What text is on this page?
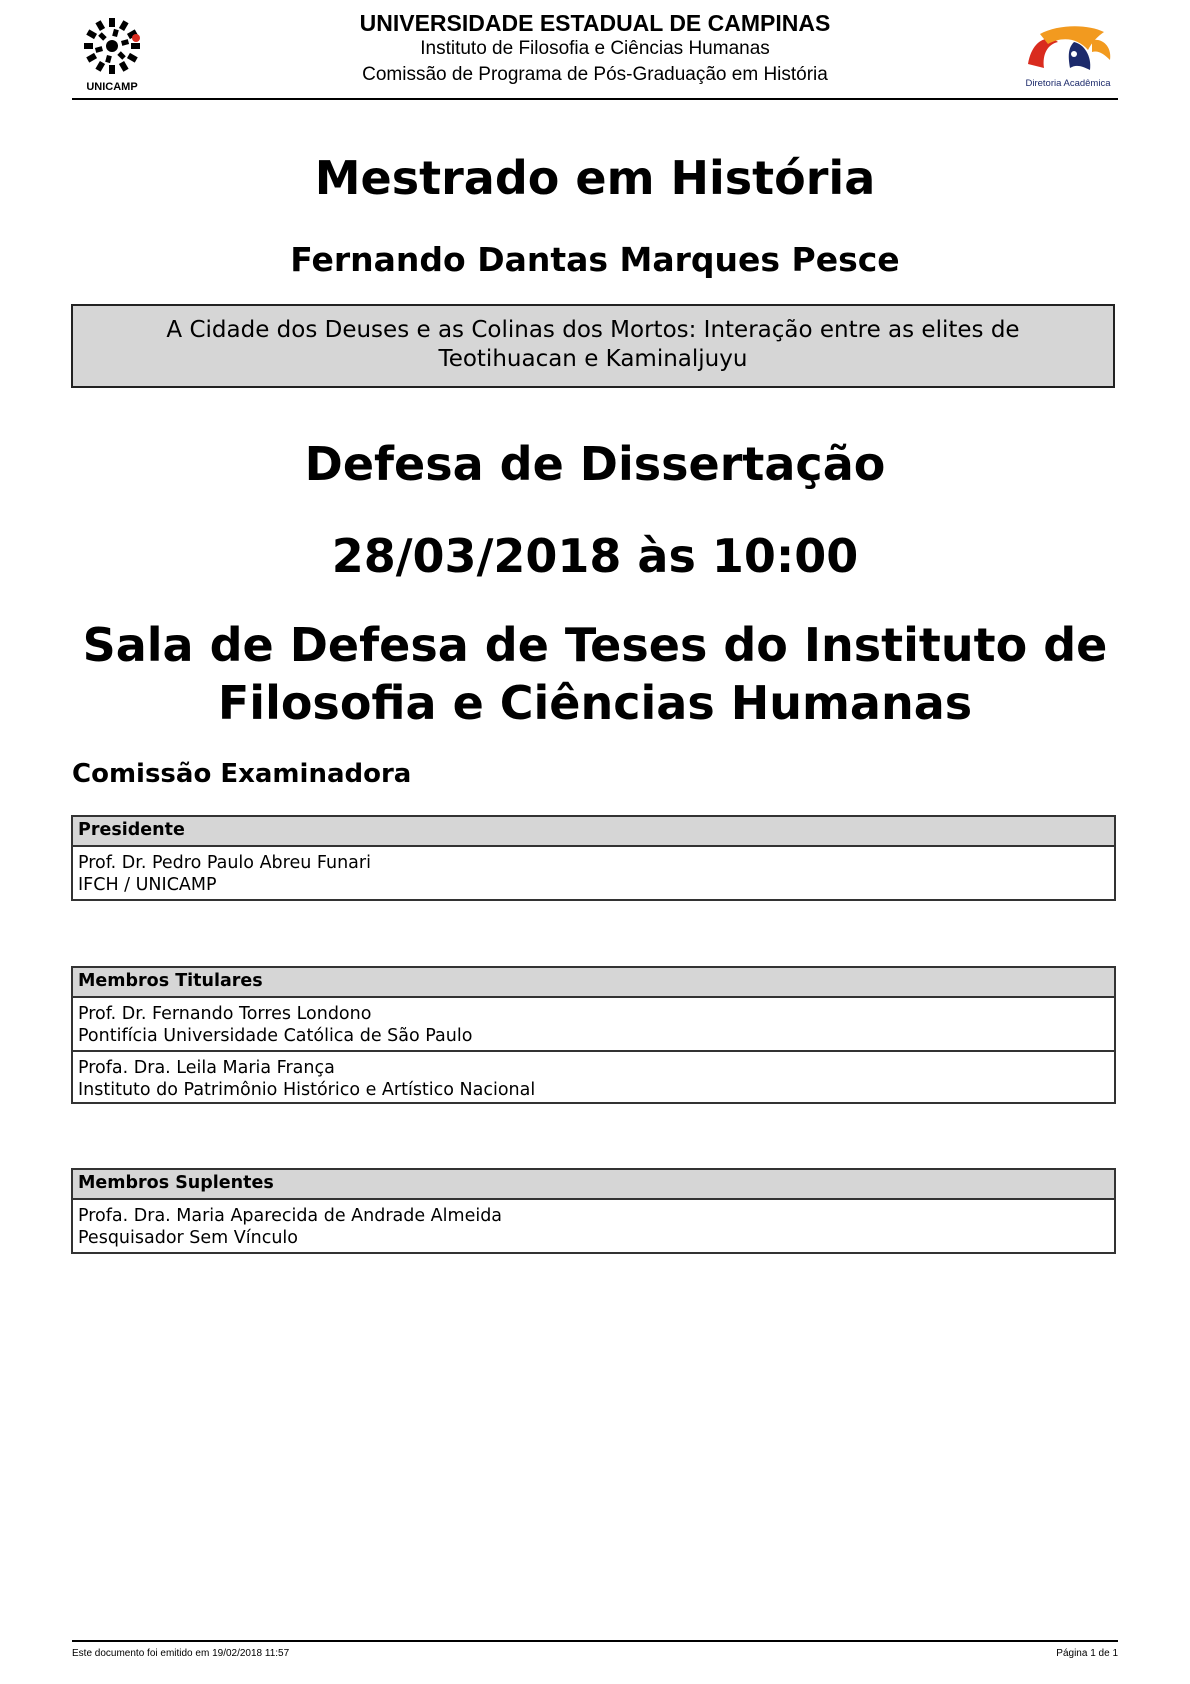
UNICAMP
UNIVERSIDADE ESTADUAL DE CAMPINAS
Instituto de Filosofia e Ciências Humanas
Comissão de Programa de Pós-Graduação em História	Diretoria Acadêmica
Mestrado em História
Fernando Dantas Marques Pesce
A Cidade dos Deuses e as Colinas dos Mortos: Interação entre as elites de Teotihuacan e Kaminaljuyu
Defesa de Dissertação
28/03/2018 às 10:00
Sala de Defesa de Teses do Instituto de Filosofia e Ciências Humanas
Comissão Examinadora
Presidente
Prof. Dr. Pedro Paulo Abreu Funari
IFCH / UNICAMP
Membros Titulares
Prof. Dr. Fernando Torres Londono
Pontifícia Universidade Católica de São Paulo
Profa. Dra. Leila Maria França
Instituto do Patrimônio Histórico e Artístico Nacional
Membros Suplentes
Profa. Dra. Maria Aparecida de Andrade Almeida
Pesquisador Sem Vínculo
Este documento foi emitido em 19/02/2018 11:57	Página 1 de 1
